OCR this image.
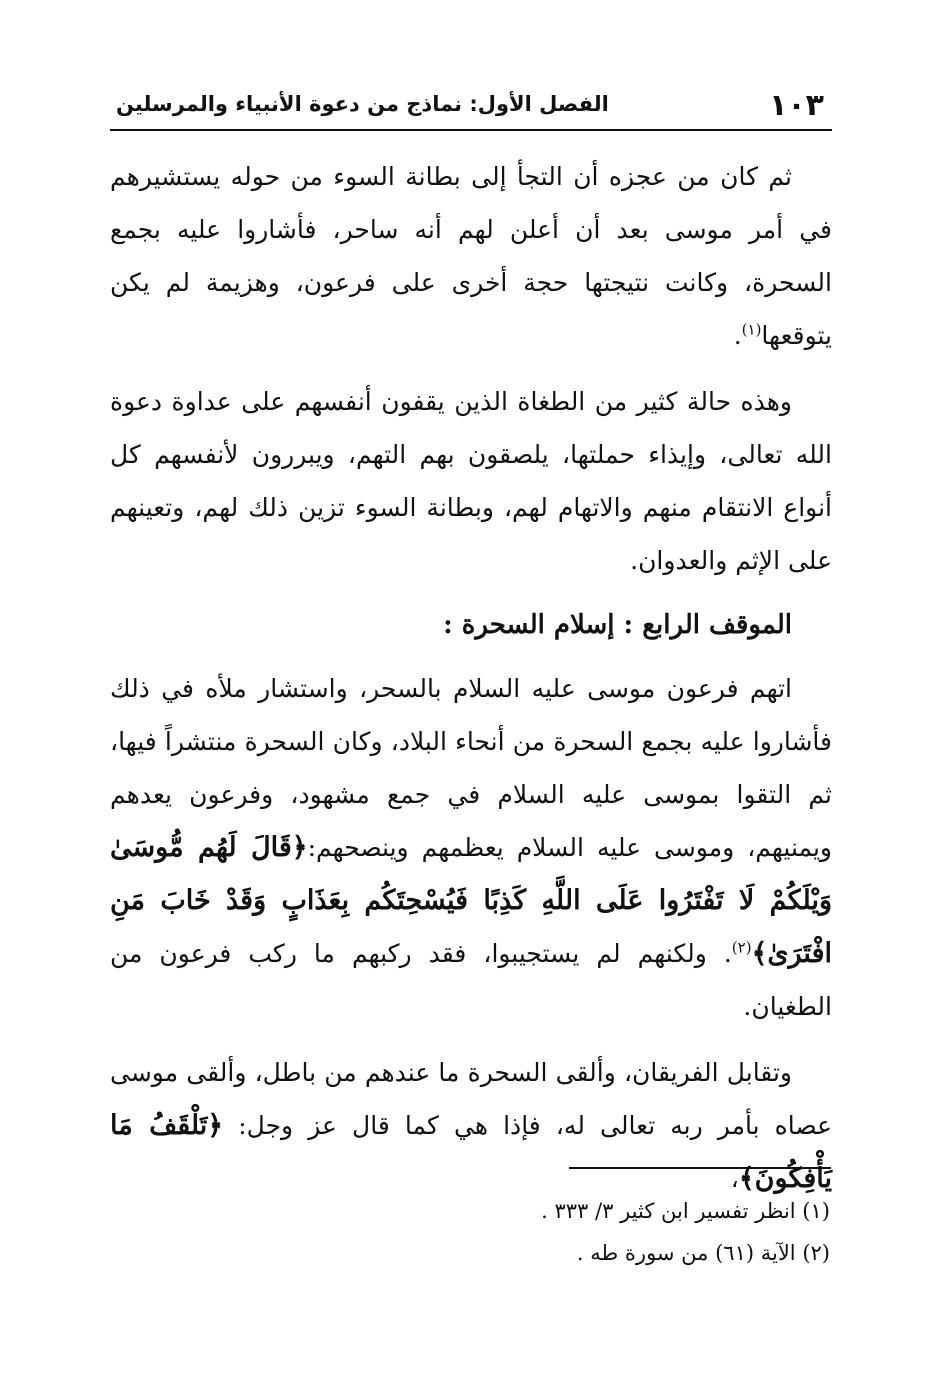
١٠٣
الفصل الأول: نماذج من دعوة الأنبياء والمرسلين

ثم كان من عجزه أن التجأ إلى بطانة السوء من حوله يستشيرهم في أمر موسى بعد أن أعلن لهم أنه ساحر، فأشاروا عليه بجمع السحرة، وكانت نتيجتها حجة أخرى على فرعون، وهزيمة لم يكن يتوقعها$^{(١)}$.

وهذه حالة كثير من الطغاة الذين يقفون أنفسهم على عداوة دعوة الله تعالى، وإيذاء حملتها، يلصقون بهم التهم، ويبررون لأنفسهم كل أنواع الانتقام منهم والاتهام لهم، وبطانة السوء تزين ذلك لهم، وتعينهم على الإثم والعدوان.

الموقف الرابع : إسلام السحرة :

اتهم فرعون موسى عليه السلام بالسحر، واستشار ملأه في ذلك فأشاروا عليه بجمع السحرة من أنحاء البلاد، وكان السحرة منتشراً فيها، ثم التقوا بموسى عليه السلام في جمع مشهود، وفرعون يعدهم ويمنيهم، وموسى عليه السلام يعظمهم وينصحهم:﴿قَالَ لَهُم مُّوسَىٰ وَيْلَكُمْ لَا تَفْتَرُوا عَلَى اللَّهِ كَذِبًا فَيُسْحِتَكُم بِعَذَابٍ وَقَدْ خَابَ مَنِ افْتَرَىٰ﴾$^{(٢)}$. ولكنهم لم يستجيبوا، فقد ركبهم ما ركب فرعون من الطغيان.

وتقابل الفريقان، وألقى السحرة ما عندهم من باطل، وألقى موسى عصاه بأمر ربه تعالى له، فإذا هي كما قال عز وجل: ﴿تَلْقَفُ مَا يَأْفِكُونَ﴾،

(١) انظر تفسير ابن كثير ٣/ ٣٣٣ .
(٢) الآية (٦١) من سورة طه .
